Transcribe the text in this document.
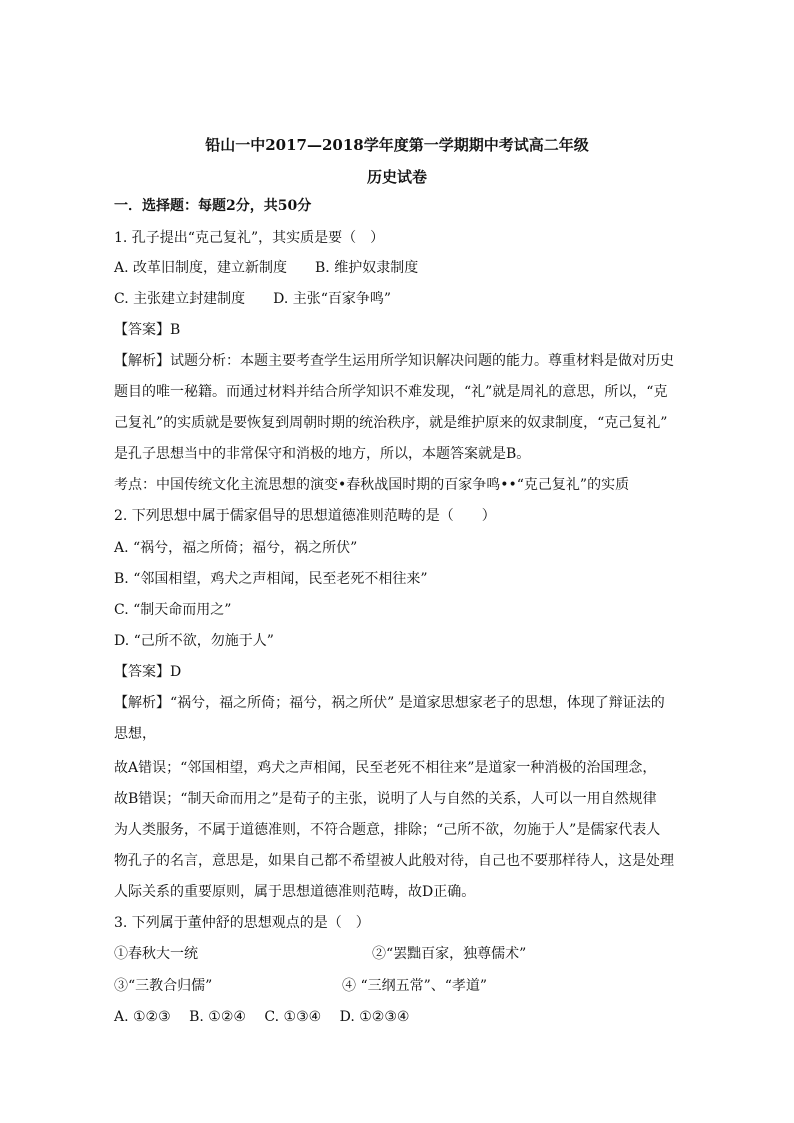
铅山一中2017—2018学年度第一学期期中考试高二年级
历史试卷
一．选择题：每题2分，共50分
1. 孔子提出“克己复礼”，其实质是要（　）
A. 改革旧制度，建立新制度　　B. 维护奴隶制度
C. 主张建立封建制度　　D. 主张“百家争鸣”
【答案】B
【解析】试题分析：本题主要考查学生运用所学知识解决问题的能力。尊重材料是做对历史
题目的唯一秘籍。而通过材料并结合所学知识不难发现，“礼”就是周礼的意思，所以，“克
己复礼”的实质就是要恢复到周朝时期的统治秩序，就是维护原来的奴隶制度，“克己复礼”
是孔子思想当中的非常保守和消极的地方，所以，本题答案就是B。
考点：中国传统文化主流思想的演变•春秋战国时期的百家争鸣••“克己复礼”的实质
2. 下列思想中属于儒家倡导的思想道德准则范畴的是（　　）
A. “祸兮，福之所倚；福兮，祸之所伏”
B. “邻国相望，鸡犬之声相闻，民至老死不相往来”
C. “制天命而用之”
D. “己所不欲，勿施于人”
【答案】D
【解析】“祸兮，福之所倚；福兮，祸之所伏” 是道家思想家老子的思想，体现了辩证法的
思想，
故A错误；“邻国相望，鸡犬之声相闻，民至老死不相往来”是道家一种消极的治国理念，
故B错误；“制天命而用之”是荀子的主张，说明了人与自然的关系，人可以一用自然规律
为人类服务，不属于道德准则，不符合题意，排除；“己所不欲，勿施于人”是儒家代表人
物孔子的名言，意思是，如果自己都不希望被人此般对待，自己也不要那样待人，这是处理
人际关系的重要原则，属于思想道德准则范畴，故D正确。
3. 下列属于董仲舒的思想观点的是（　）
①春秋大一统	②“罢黜百家，独尊儒术”
③“三教合归儒”	④ “三纲五常”、“孝道”
A. ①②③　 B. ①②④　 C. ①③④　 D. ①②③④
